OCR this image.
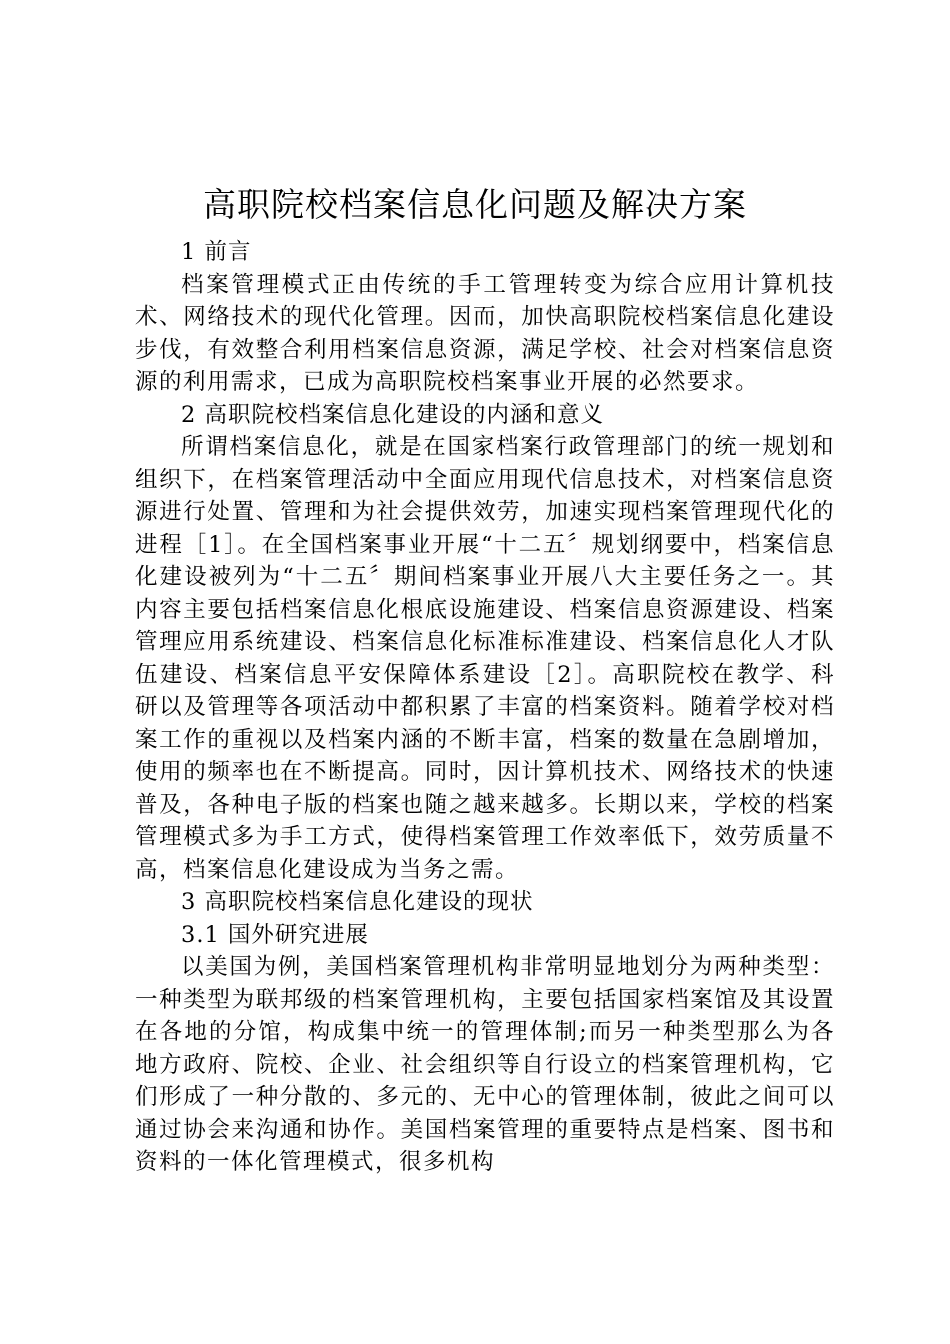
高职院校档案信息化问题及解决方案
1 前言
档案管理模式正由传统的手工管理转变为综合应用计算机技术、网络技术的现代化管理。因而，加快高职院校档案信息化建设步伐，有效整合利用档案信息资源，满足学校、社会对档案信息资源的利用需求，已成为高职院校档案事业开展的必然要求。
2 高职院校档案信息化建设的内涵和意义
所谓档案信息化，就是在国家档案行政管理部门的统一规划和组织下，在档案管理活动中全面应用现代信息技术，对档案信息资源进行处置、管理和为社会提供效劳，加速实现档案管理现代化的进程［1］。在全国档案事业开展“十二五〞规划纲要中，档案信息化建设被列为“十二五〞期间档案事业开展八大主要任务之一。其内容主要包括档案信息化根底设施建设、档案信息资源建设、档案管理应用系统建设、档案信息化标准标准建设、档案信息化人才队伍建设、档案信息平安保障体系建设［2］。高职院校在教学、科研以及管理等各项活动中都积累了丰富的档案资料。随着学校对档案工作的重视以及档案内涵的不断丰富，档案的数量在急剧增加，使用的频率也在不断提高。同时，因计算机技术、网络技术的快速普及，各种电子版的档案也随之越来越多。长期以来，学校的档案管理模式多为手工方式，使得档案管理工作效率低下，效劳质量不高，档案信息化建设成为当务之需。
3 高职院校档案信息化建设的现状
3.1 国外研究进展
以美国为例，美国档案管理机构非常明显地划分为两种类型：一种类型为联邦级的档案管理机构，主要包括国家档案馆及其设置在各地的分馆，构成集中统一的管理体制;而另一种类型那么为各地方政府、院校、企业、社会组织等自行设立的档案管理机构，它们形成了一种分散的、多元的、无中心的管理体制，彼此之间可以通过协会来沟通和协作。美国档案管理的重要特点是档案、图书和资料的一体化管理模式，很多机构
